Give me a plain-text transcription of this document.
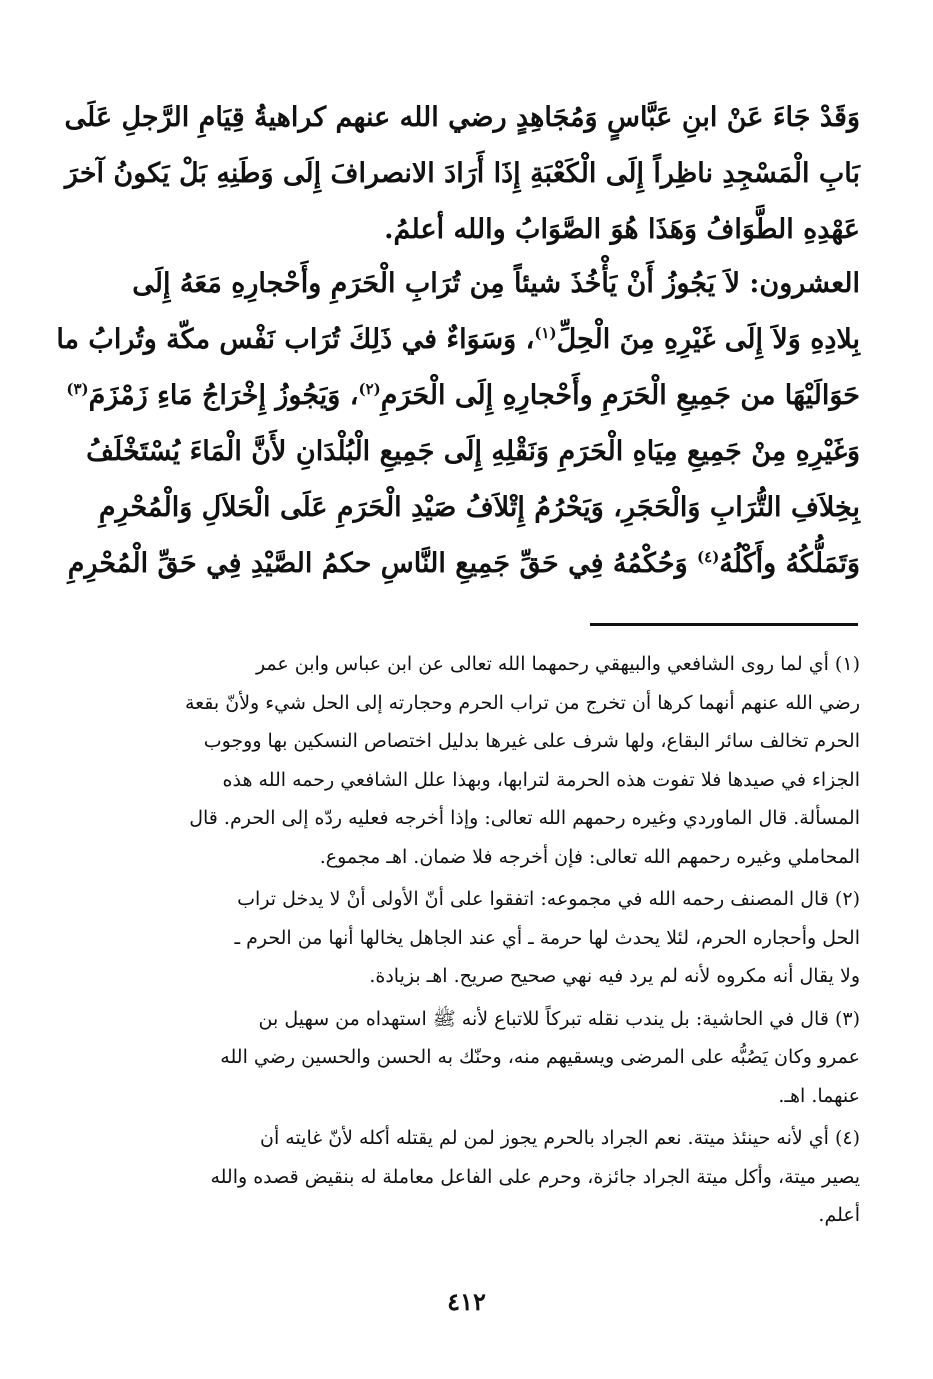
وَقَدْ جَاءَ عَنْ ابنِ عَبَّاسٍ وَمُجَاهِدٍ رضي الله عنهم كراهيةُ قِيَامِ الرَّجلِ عَلَى
بَابِ الْمَسْجِدِ ناظِراً إِلَى الْكَعْبَةِ إِذَا أَرَادَ الانصرافَ إِلَى وَطَنِهِ بَلْ يَكونُ آخرَ
عَهْدِهِ الطَّوَافُ وَهَذَا هُوَ الصَّوَابُ والله أعلمُ.
العشرون: لاَ يَجُوزُ أَنْ يَأْخُذَ شيئاً مِن تُرَابِ الْحَرَمِ وأَحْجارِهِ مَعَهُ إِلَى
بِلادِهِ وَلاَ إِلَى غَيْرِهِ مِنَ الْحِلِّ$^{(١)}$، وَسَوَاءٌ في ذَلِكَ تُرَاب نَفْس مكّة وتُرابُ ما
حَوَالَيْهَا من جَمِيعِ الْحَرَمِ وأَحْجارِهِ إِلَى الْحَرَمِ$^{(٢)}$، وَيَجُوزُ إِخْرَاجُ مَاءِ زَمْزَمَ$^{(٣)}$
وَغَيْرِهِ مِنْ جَمِيعِ مِيَاهِ الْحَرَمِ وَنَقْلِهِ إِلَى جَمِيعِ الْبُلْدَانِ لأَنَّ الْمَاءَ يُسْتَخْلَفُ
بِخِلاَفِ التُّرَابِ وَالْحَجَرِ، وَيَحْرُمُ إِتْلاَفُ صَيْدِ الْحَرَمِ عَلَى الْحَلاَلِ وَالْمُحْرِمِ
وَتَمَلُّكُهُ وأَكْلُهُ$^{(٤)}$ وَحُكْمُهُ فِي حَقِّ جَمِيعِ النَّاسِ حكمُ الصَّيْدِ فِي حَقِّ الْمُحْرِمِ
(١) أي لما روى الشافعي والبيهقي رحمهما الله تعالى عن ابن عباس وابن عمر
رضي الله عنهم أنهما كرها أن تخرج من تراب الحرم وحجارته إلى الحل شيء ولأنّ بقعة
الحرم تخالف سائر البقاع، ولها شرف على غيرها بدليل اختصاص النسكين بها ووجوب
الجزاء في صيدها فلا تفوت هذه الحرمة لترابها، وبهذا علل الشافعي رحمه الله هذه
المسألة. قال الماوردي وغيره رحمهم الله تعالى: وإذا أخرجه فعليه ردّه إلى الحرم. قال
المحاملي وغيره رحمهم الله تعالى: فإن أخرجه فلا ضمان. اهـ مجموع.
(٢) قال المصنف رحمه الله في مجموعه: اتفقوا على أنّ الأولى أنْ لا يدخل تراب
الحل وأحجاره الحرم، لئلا يحدث لها حرمة ـ أي عند الجاهل يخالها أنها من الحرم ـ
ولا يقال أنه مكروه لأنه لم يرد فيه نهي صحيح صريح. اهـ بزيادة.
(٣) قال في الحاشية: بل يندب نقله تبركاً للاتباع لأنه ﷺ استهداه من سهيل بن
عمرو وكان يَصُبُّه على المرضى ويسقيهم منه، وحنّك به الحسن والحسين رضي الله
عنهما. اهـ.
(٤) أي لأنه حينئذ ميتة. نعم الجراد بالحرم يجوز لمن لم يقتله أكله لأنّ غايته أن
يصير ميتة، وأكل ميتة الجراد جائزة، وحرم على الفاعل معاملة له بنقيض قصده والله
أعلم.
٤١٢
